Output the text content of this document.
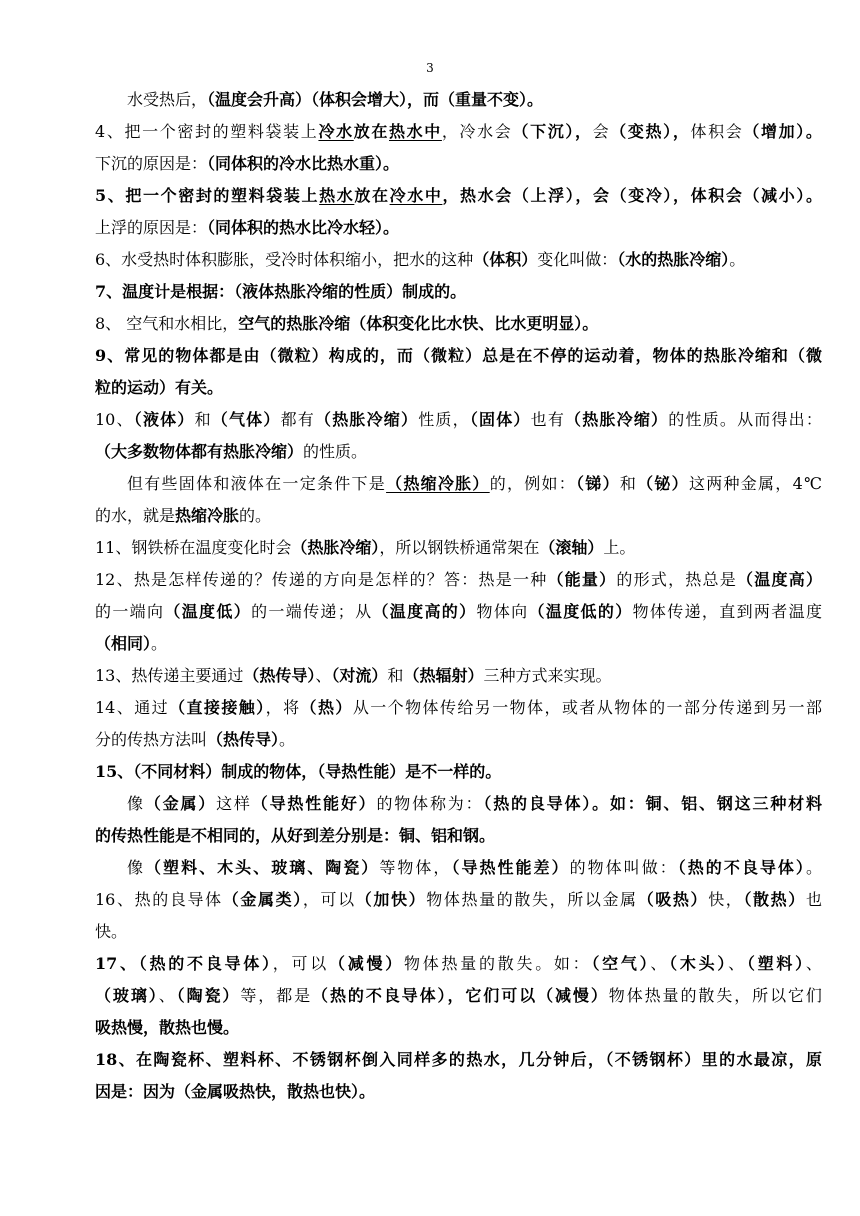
3
水受热后，（温度会升高）（体积会增大），而（重量不变）。
4、把一个密封的塑料袋装上冷水放在热水中，冷水会（下沉），会（变热），体积会（增加）。
下沉的原因是：（同体积的冷水比热水重）。
5、把一个密封的塑料袋装上热水放在冷水中，热水会（上浮），会（变冷），体积会（减小）。
上浮的原因是：（同体积的热水比冷水轻）。
6、水受热时体积膨胀，受冷时体积缩小，把水的这种（体积）变化叫做：（水的热胀冷缩）。
7、温度计是根据：（液体热胀冷缩的性质）制成的。
8、 空气和水相比，空气的热胀冷缩（体积变化比水快、比水更明显）。
9、常见的物体都是由（微粒）构成的，而（微粒）总是在不停的运动着，物体的热胀冷缩和（微
粒的运动）有关。
10、（液体）和（气体）都有（热胀冷缩）性质，（固体）也有（热胀冷缩）的性质。从而得出：
（大多数物体都有热胀冷缩）的性质。
但有些固体和液体在一定条件下是（热缩冷胀）的，例如：（锑）和（铋）这两种金属，4℃
的水，就是热缩冷胀的。
11、钢铁桥在温度变化时会（热胀冷缩），所以钢铁桥通常架在（滚轴）上。
12、热是怎样传递的？传递的方向是怎样的？答：热是一种（能量）的形式，热总是（温度高）
的一端向（温度低）的一端传递；从（温度高的）物体向（温度低的）物体传递，直到两者温度
（相同）。
13、热传递主要通过（热传导）、（对流）和（热辐射）三种方式来实现。
14、通过（直接接触），将（热）从一个物体传给另一物体，或者从物体的一部分传递到另一部
分的传热方法叫（热传导）。
15、（不同材料）制成的物体，（导热性能）是不一样的。
像（金属）这样（导热性能好）的物体称为：（热的良导体）。如：铜、铝、钢这三种材料
的传热性能是不相同的，从好到差分别是：铜、铝和钢。
像（塑料、木头、玻璃、陶瓷）等物体，（导热性能差）的物体叫做：（热的不良导体）。
16、热的良导体（金属类），可以（加快）物体热量的散失，所以金属（吸热）快，（散热）也
快。
17、（热的不良导体），可以（减慢）物体热量的散失。如：（空气）、（木头）、（塑料）、
（玻璃）、（陶瓷）等，都是（热的不良导体），它们可以（减慢）物体热量的散失，所以它们
吸热慢，散热也慢。
18、在陶瓷杯、塑料杯、不锈钢杯倒入同样多的热水，几分钟后，（不锈钢杯）里的水最凉，原
因是：因为（金属吸热快，散热也快）。
